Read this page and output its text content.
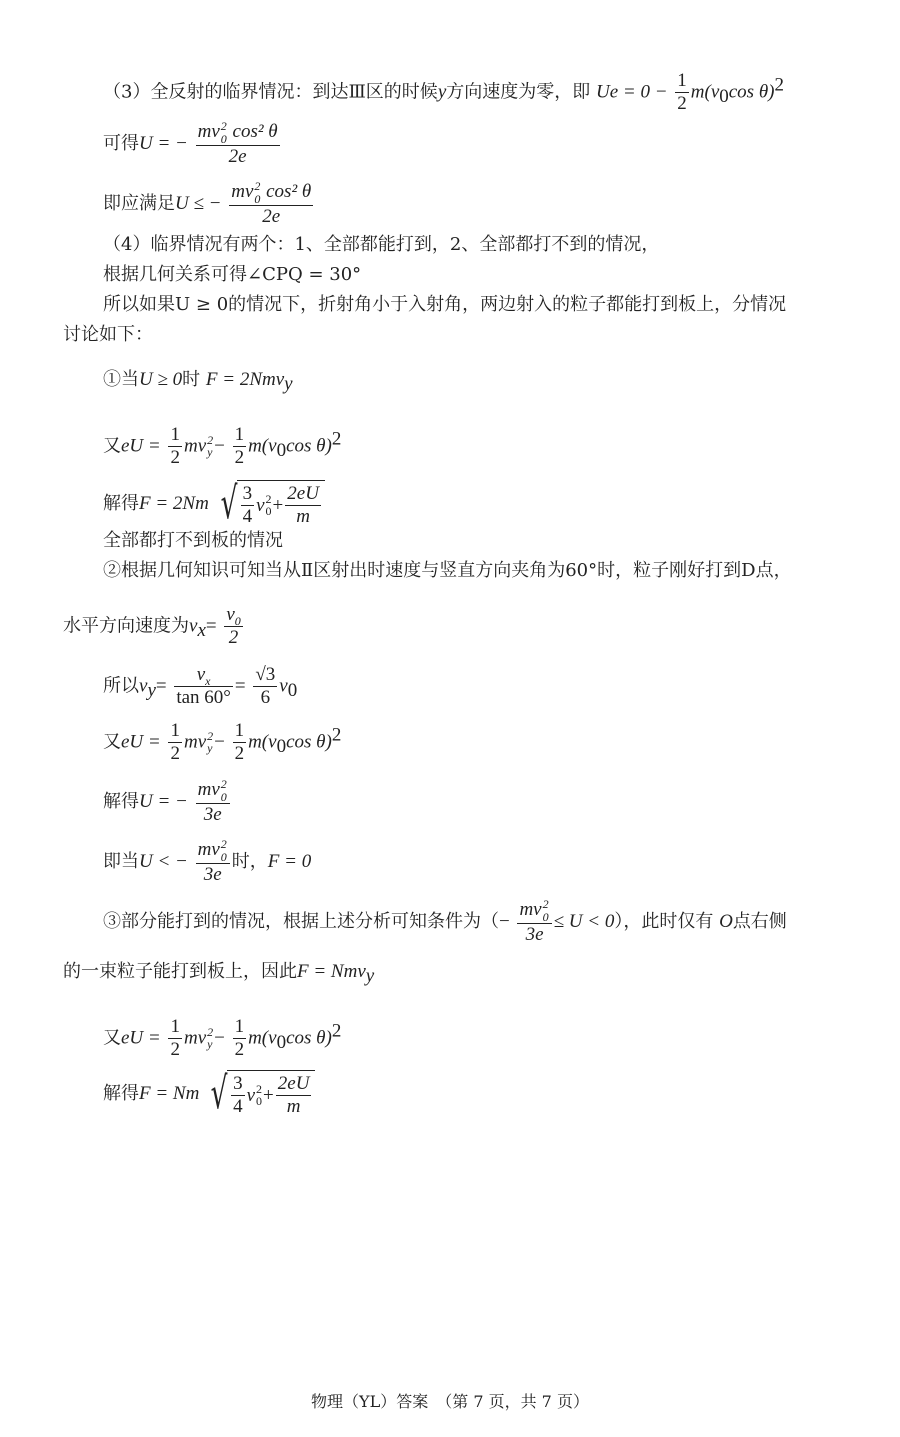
（3）全反射的临界情况：到达Ⅲ区的时候y方向速度为零，即 $Ue = 0 - \frac{1}{2} m(v_0\cos$ θ)$^2$
可得U = − mv 2
0 cos² θ
2e
即应满足U ≤ − mv 2
0 cos² θ
2e
（4）临界情况有两个：1、全部都能打到，2、全部都打不到的情况，
根据几何关系可得∠CPQ = 30°
所以如果U ≥ 0的情况下，折射角小于入射角，两边射入的粒子都能打到板上，分情况
讨论如下：
①当U ≥ 0时 F = 2Nmv$_y$
又eU = $\frac{1}{2}$ mv 2
$y - \frac{1}{2} m(v_0\cos$ θ)$^2$
解得F = 2Nm √ $\frac{3}{4}$ v 2
$0 + \frac{2eU}{m}$
全部都打不到板的情况
②根据几何知识可知当从Ⅱ区射出时速度与竖直方向夹角为60°时，粒子刚好打到D点，
水平方向速度为$v_x= \frac{v_0}{2}$
所以$v_y= \frac{v_x}{\tan 60^\circ} = \frac{√3}{6} v_0$
又eU = $\frac{1}{2}$ mv 2
$y - \frac{1}{2} m(v_0\cos$ θ)$^2$
解得U = − mv 2
0
3e
即当U < − mv 2
0
3e 时，F = 0
③部分能打到的情况，根据上述分析可知条件为（− mv 2
0
3e ≤ U < 0），此时仅有 O点右侧
的一束粒子能打到板上，因此F = Nmv$_y$
又eU = $\frac{1}{2}$ mv 2
$y - \frac{1}{2} m(v_0\cos$ θ)$^2$
解得F = Nm √ $\frac{3}{4}$ v 2
$0 + \frac{2eU}{m}$
物理（YL）答案　（第 7 页，共 7 页）
